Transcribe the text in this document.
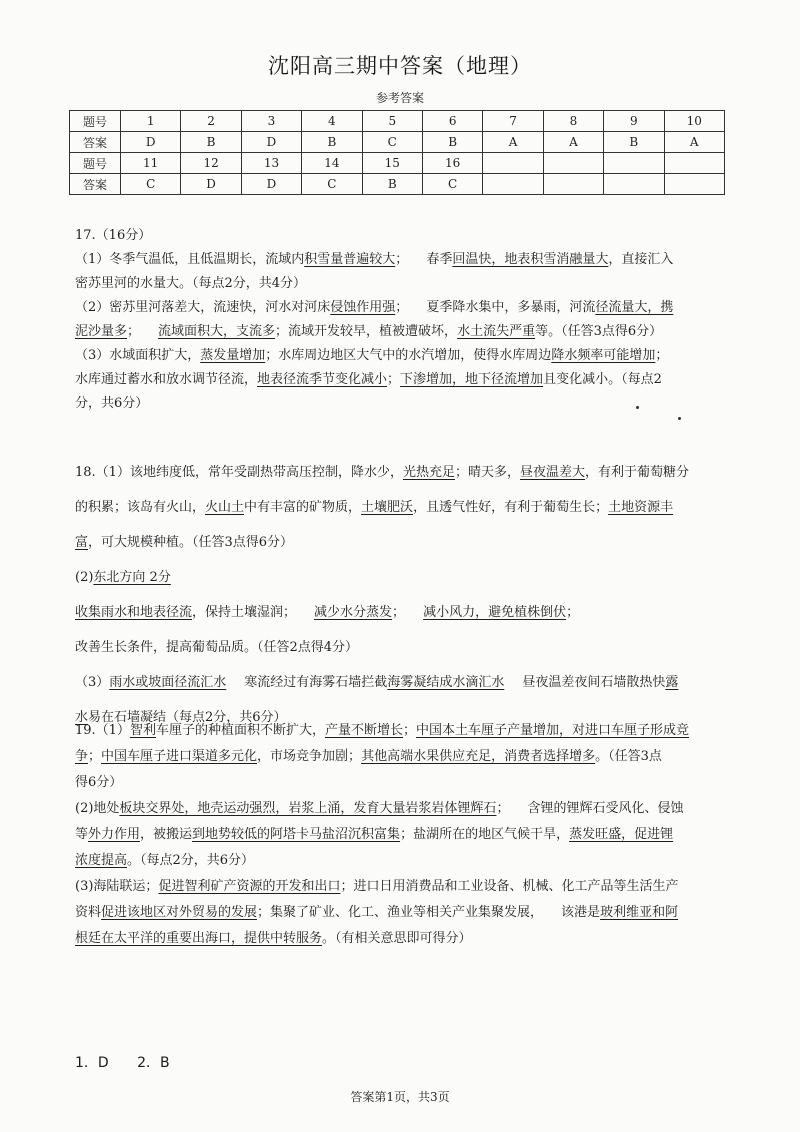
沈阳高三期中答案（地理）
参考答案
题号	1	2	3	4	5	6	7	8	9	10
答案	D	B	D	B	C	B	A	A	B	A
题号	11	12	13	14	15	16				
答案	C	D	D	C	B	C				
17.（16分）
（1）冬季气温低，且低温期长，流域内积雪量普遍较大； 春季回温快，地表积雪消融量大，直接汇入
密苏里河的水量大。（每点2分，共4分）
（2）密苏里河落差大，流速快，河水对河床侵蚀作用强； 夏季降水集中，多暴雨，河流径流量大，携
泥沙量多； 流域面积大，支流多；流域开发较早，植被遭破坏，水土流失严重等。（任答3点得6分）
（3）水域面积扩大，蒸发量增加；水库周边地区大气中的水汽增加，使得水库周边降水频率可能增加；
水库通过蓄水和放水调节径流，地表径流季节变化减小；下渗增加，地下径流增加且变化减小。（每点2
分，共6分）
18.（1）该地纬度低，常年受副热带高压控制，降水少，光热充足；晴天多，昼夜温差大，有利于葡萄糖分
的积累；该岛有火山，火山土中有丰富的矿物质，土壤肥沃，且透气性好，有利于葡萄生长；土地资源丰
富，可大规模种植。（任答3点得6分）
(2)东北方向 2分
收集雨水和地表径流，保持土壤湿润； 减少水分蒸发； 减小风力，避免植株倒伏；
改善生长条件，提高葡萄品质。（任答2点得4分）
（3）雨水或坡面径流汇水 寒流经过有海雾石墙拦截海雾凝结成水滴汇水 昼夜温差夜间石墙散热快露
水易在石墙凝结（每点2分，共6分）
19.（1）智利车厘子的种植面积不断扩大，产量不断增长；中国本土车厘子产量增加，对进口车厘子形成竞
争；中国车厘子进口渠道多元化，市场竞争加剧；其他高端水果供应充足，消费者选择增多。（任答3点
得6分）
(2)地处板块交界处，地壳运动强烈，岩浆上涌，发育大量岩浆岩体锂辉石； 含锂的锂辉石受风化、侵蚀
等外力作用，被搬运到地势较低的阿塔卡马盐沼沉积富集；盐湖所在的地区气候干旱，蒸发旺盛，促进锂
浓度提高。（每点2分，共6分）
(3)海陆联运；促进智利矿产资源的开发和出口；进口日用消费品和工业设备、机械、化工产品等生活生产
资料促进该地区对外贸易的发展；集聚了矿业、化工、渔业等相关产业集聚发展， 该港是玻利维亚和阿
根廷在太平洋的重要出海口，提供中转服务。（有相关意思即可得分）
1．D 2．B
答案第1页，共3页
